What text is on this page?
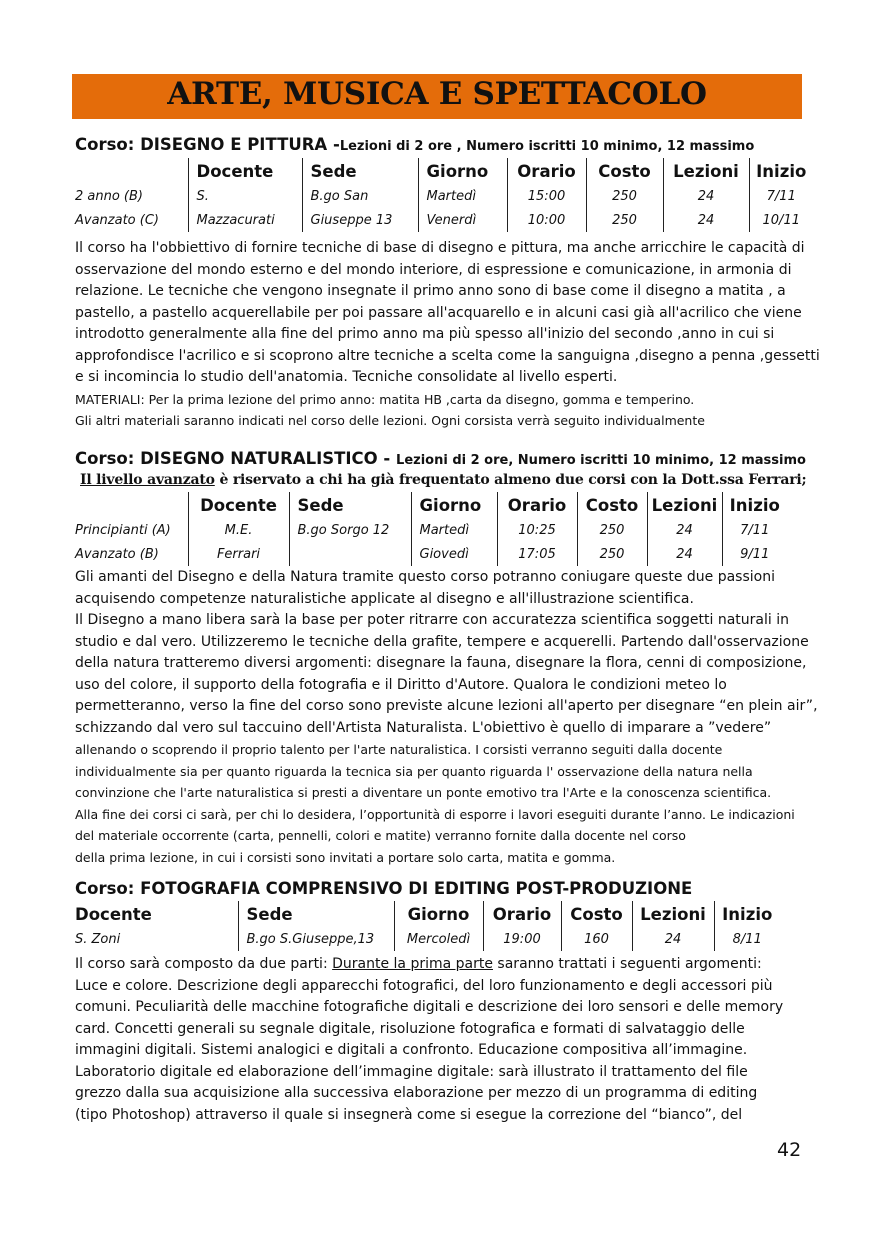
ARTE, MUSICA E SPETTACOLO
Corso: DISEGNO E PITTURA -Lezioni di 2 ore , Numero iscritti 10 minimo, 12 massimo
	Docente	Sede	Giorno	Orario	Costo	Lezioni	Inizio
2 anno (B)	S.	B.go San	Martedì	15:00	250	24	7/11
Avanzato (C)	Mazzacurati	Giuseppe 13	Venerdì	10:00	250	24	10/11
Il corso ha l'obbiettivo di fornire tecniche di base di disegno e pittura, ma anche arricchire le capacità di
osservazione del mondo esterno e del mondo interiore, di espressione e comunicazione, in armonia di
relazione. Le tecniche che vengono insegnate il primo anno sono di base come il disegno a matita , a
pastello, a pastello acquerellabile per poi passare all'acquarello e in alcuni casi già all'acrilico che viene
introdotto generalmente alla fine del primo anno ma più spesso all'inizio del secondo ,anno in cui si
approfondisce l'acrilico e si scoprono altre tecniche a scelta come la sanguigna ,disegno a penna ,gessetti
e si incomincia lo studio dell'anatomia. Tecniche consolidate al livello esperti.
MATERIALI: Per la prima lezione del primo anno: matita HB ,carta da disegno, gomma e temperino.
Gli altri materiali saranno indicati nel corso delle lezioni. Ogni corsista verrà seguito individualmente
Corso: DISEGNO NATURALISTICO - Lezioni di 2 ore, Numero iscritti 10 minimo, 12 massimo
Il livello avanzato è riservato a chi ha già frequentato almeno due corsi con la Dott.ssa Ferrari;
	Docente	Sede	Giorno	Orario	Costo	Lezioni	Inizio
Principianti (A)	M.E.	B.go Sorgo 12	Martedì	10:25	250	24	7/11
Avanzato (B)	Ferrari		Giovedì	17:05	250	24	9/11
Gli amanti del Disegno e della Natura tramite questo corso potranno coniugare queste due passioni
acquisendo competenze naturalistiche applicate al disegno e all'illustrazione scientifica.
Il Disegno a mano libera sarà la base per poter ritrarre con accuratezza scientifica soggetti naturali in
studio e dal vero. Utilizzeremo le tecniche della grafite, tempere e acquerelli. Partendo dall'osservazione
della natura tratteremo diversi argomenti: disegnare la fauna, disegnare la flora, cenni di composizione,
uso del colore, il supporto della fotografia e il Diritto d'Autore. Qualora le condizioni meteo lo
permetteranno, verso la fine del corso sono previste alcune lezioni all'aperto per disegnare “en plein air”,
schizzando dal vero sul taccuino dell'Artista Naturalista. L'obiettivo è quello di imparare a ”vedere”
allenando o scoprendo il proprio talento per l'arte naturalistica. I corsisti verranno seguiti dalla docente
individualmente sia per quanto riguarda la tecnica sia per quanto riguarda l' osservazione della natura nella
convinzione che l'arte naturalistica si presti a diventare un ponte emotivo tra l'Arte e la conoscenza scientifica.
Alla fine dei corsi ci sarà, per chi lo desidera, l’opportunità di esporre i lavori eseguiti durante l’anno. Le indicazioni
del materiale occorrente (carta, pennelli, colori e matite) verranno fornite dalla docente nel corso
della prima lezione, in cui i corsisti sono invitati a portare solo carta, matita e gomma.
Corso: FOTOGRAFIA COMPRENSIVO DI EDITING POST-PRODUZIONE
Docente	Sede	Giorno	Orario	Costo	Lezioni	Inizio
S. Zoni	B.go S.Giuseppe,13	Mercoledì	19:00	160	24	8/11
Il corso sarà composto da due parti: Durante la prima parte saranno trattati i seguenti argomenti:
Luce e colore. Descrizione degli apparecchi fotografici, del loro funzionamento e degli accessori più
comuni. Peculiarità delle macchine fotografiche digitali e descrizione dei loro sensori e delle memory
card. Concetti generali su segnale digitale, risoluzione fotografica e formati di salvataggio delle
immagini digitali. Sistemi analogici e digitali a confronto. Educazione compositiva all’immagine.
Laboratorio digitale ed elaborazione dell’immagine digitale: sarà illustrato il trattamento del file
grezzo dalla sua acquisizione alla successiva elaborazione per mezzo di un programma di editing
(tipo Photoshop) attraverso il quale si insegnerà come si esegue la correzione del “bianco”, del
42
